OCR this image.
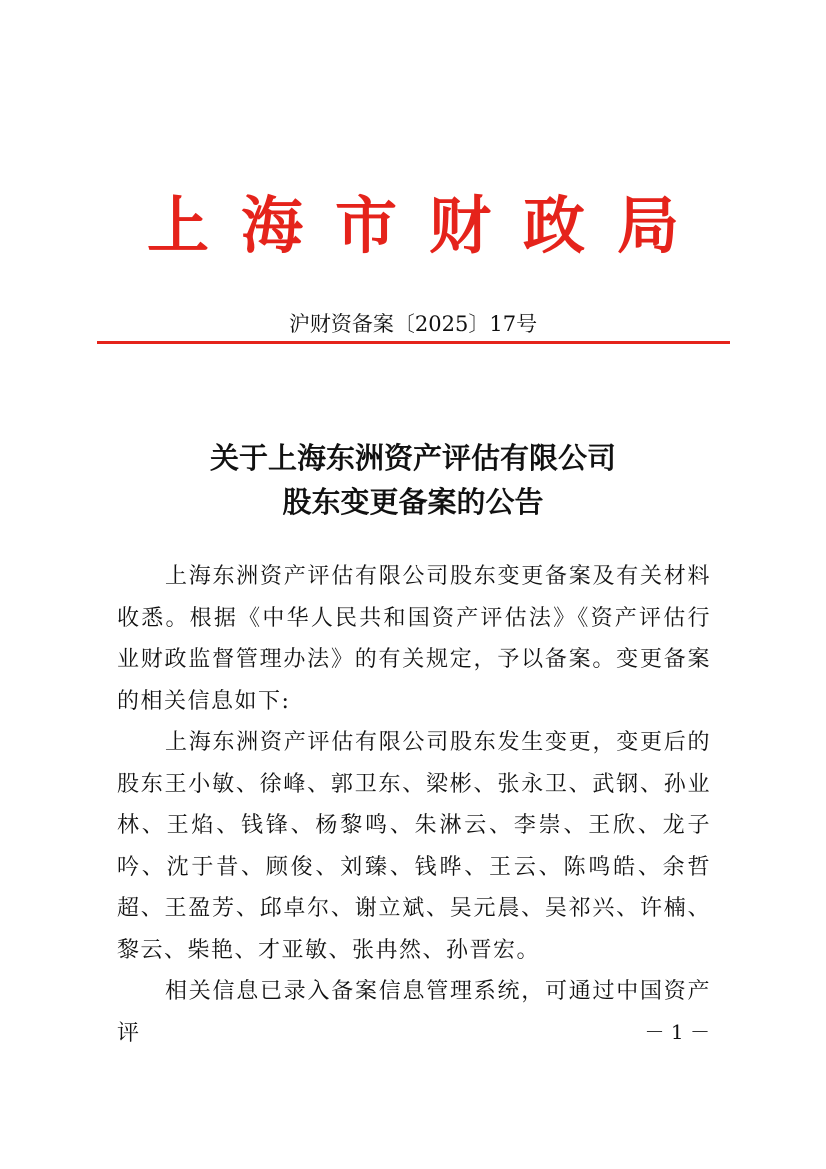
上海市财政局
沪财资备案〔2025〕17号
关于上海东洲资产评估有限公司
股东变更备案的公告

上海东洲资产评估有限公司股东变更备案及有关材料收悉。根据《中华人民共和国资产评估法》《资产评估行业财政监督管理办法》的有关规定，予以备案。变更备案的相关信息如下:

上海东洲资产评估有限公司股东发生变更，变更后的股东王小敏、徐峰、郭卫东、梁彬、张永卫、武钢、孙业林、王焰、钱锋、杨黎鸣、朱淋云、李崇、王欣、龙子吟、沈于昔、顾俊、刘臻、钱晔、王云、陈鸣皓、余哲超、王盈芳、邱卓尔、谢立斌、吴元晨、吴祁兴、许楠、黎云、柴艳、才亚敏、张冉然、孙晋宏。

相关信息已录入备案信息管理系统，可通过中国资产评	－ 1 －
